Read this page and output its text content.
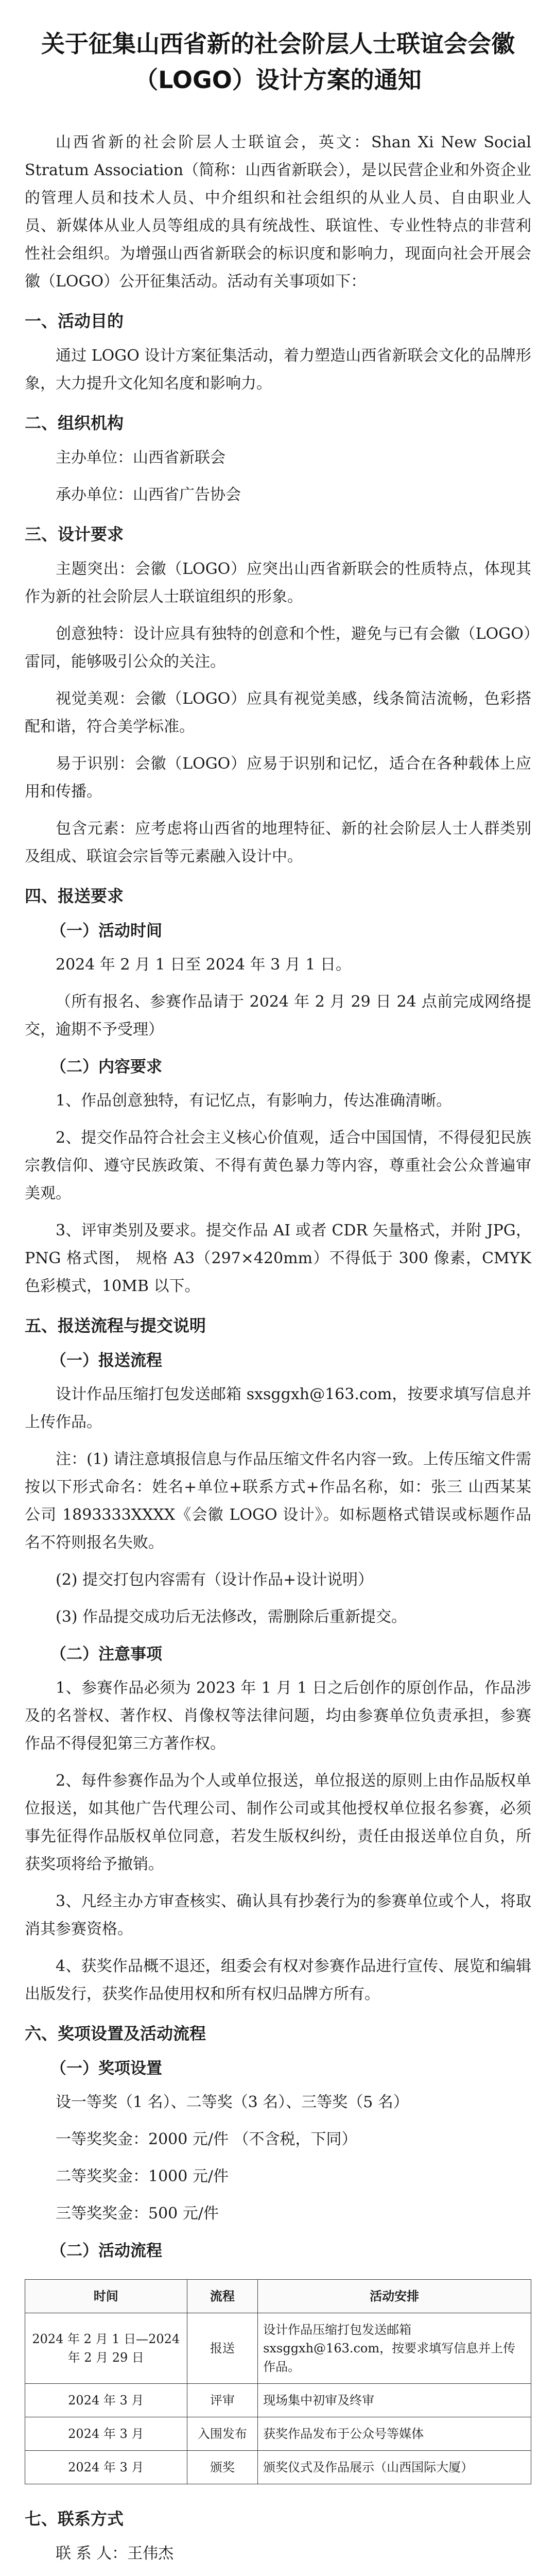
关于征集山西省新的社会阶层人士联谊会会徽（LOGO）设计方案的通知
山西省新的社会阶层人士联谊会，英文：Shan Xi New Social Stratum Association（简称：山西省新联会），是以民营企业和外资企业的管理人员和技术人员、中介组织和社会组织的从业人员、自由职业人员、新媒体从业人员等组成的具有统战性、联谊性、专业性特点的非营利性社会组织。为增强山西省新联会的标识度和影响力，现面向社会开展会徽（LOGO）公开征集活动。活动有关事项如下：
一、活动目的
通过 LOGO 设计方案征集活动，着力塑造山西省新联会文化的品牌形象，大力提升文化知名度和影响力。
二、组织机构
主办单位：山西省新联会
承办单位：山西省广告协会
三、设计要求
主题突出：会徽（LOGO）应突出山西省新联会的性质特点，体现其作为新的社会阶层人士联谊组织的形象。
创意独特：设计应具有独特的创意和个性，避免与已有会徽（LOGO）雷同，能够吸引公众的关注。
视觉美观：会徽（LOGO）应具有视觉美感，线条简洁流畅，色彩搭配和谐，符合美学标准。
易于识别：会徽（LOGO）应易于识别和记忆，适合在各种载体上应用和传播。
包含元素：应考虑将山西省的地理特征、新的社会阶层人士人群类别及组成、联谊会宗旨等元素融入设计中。
四、报送要求
（一）活动时间
2024 年 2 月 1 日至 2024 年 3 月 1 日。
（所有报名、参赛作品请于 2024 年 2 月 29 日 24 点前完成网络提交，逾期不予受理）
（二）内容要求
1、作品创意独特，有记忆点，有影响力，传达准确清晰。
2、提交作品符合社会主义核心价值观，适合中国国情，不得侵犯民族宗教信仰、遵守民族政策、不得有黄色暴力等内容，尊重社会公众普遍审美观。
3、评审类别及要求。提交作品 AI 或者 CDR 矢量格式，并附 JPG，PNG 格式图， 规格 A3（297×420mm）不得低于 300 像素，CMYK 色彩模式，10MB 以下。
五、报送流程与提交说明
（一）报送流程
设计作品压缩打包发送邮箱 sxsggxh@163.com，按要求填写信息并上传作品。
注：(1) 请注意填报信息与作品压缩文件名内容一致。上传压缩文件需按以下形式命名：姓名+单位+联系方式+作品名称，如：张三 山西某某公司 1893333XXXX《会徽 LOGO 设计》。如标题格式错误或标题作品名不符则报名失败。
(2) 提交打包内容需有（设计作品+设计说明）
(3) 作品提交成功后无法修改，需删除后重新提交。
（二）注意事项
1、参赛作品必须为 2023 年 1 月 1 日之后创作的原创作品，作品涉及的名誉权、著作权、肖像权等法律问题，均由参赛单位负责承担，参赛作品不得侵犯第三方著作权。
2、每件参赛作品为个人或单位报送，单位报送的原则上由作品版权单位报送，如其他广告代理公司、制作公司或其他授权单位报名参赛，必须事先征得作品版权单位同意，若发生版权纠纷，责任由报送单位自负，所获奖项将给予撤销。
3、凡经主办方审查核实、确认具有抄袭行为的参赛单位或个人，将取消其参赛资格。
4、获奖作品概不退还，组委会有权对参赛作品进行宣传、展览和编辑出版发行，获奖作品使用权和所有权归品牌方所有。
六、奖项设置及活动流程
（一）奖项设置
设一等奖（1 名）、二等奖（3 名）、三等奖（5 名）
一等奖奖金：2000 元/件 （不含税，下同）
二等奖奖金：1000 元/件
三等奖奖金：500 元/件
（二）活动流程
时间	流程	活动安排
2024 年 2 月 1 日—2024 年 2 月 29 日	报送	设计作品压缩打包发送邮箱 sxsggxh@163.com，按要求填写信息并上传作品。
2024 年 3 月	评审	现场集中初审及终审
2024 年 3 月	入围发布	获奖作品发布于公众号等媒体
2024 年 3 月	颁奖	颁奖仪式及作品展示（山西国际大厦）
七、联系方式
联 系 人：王伟杰
